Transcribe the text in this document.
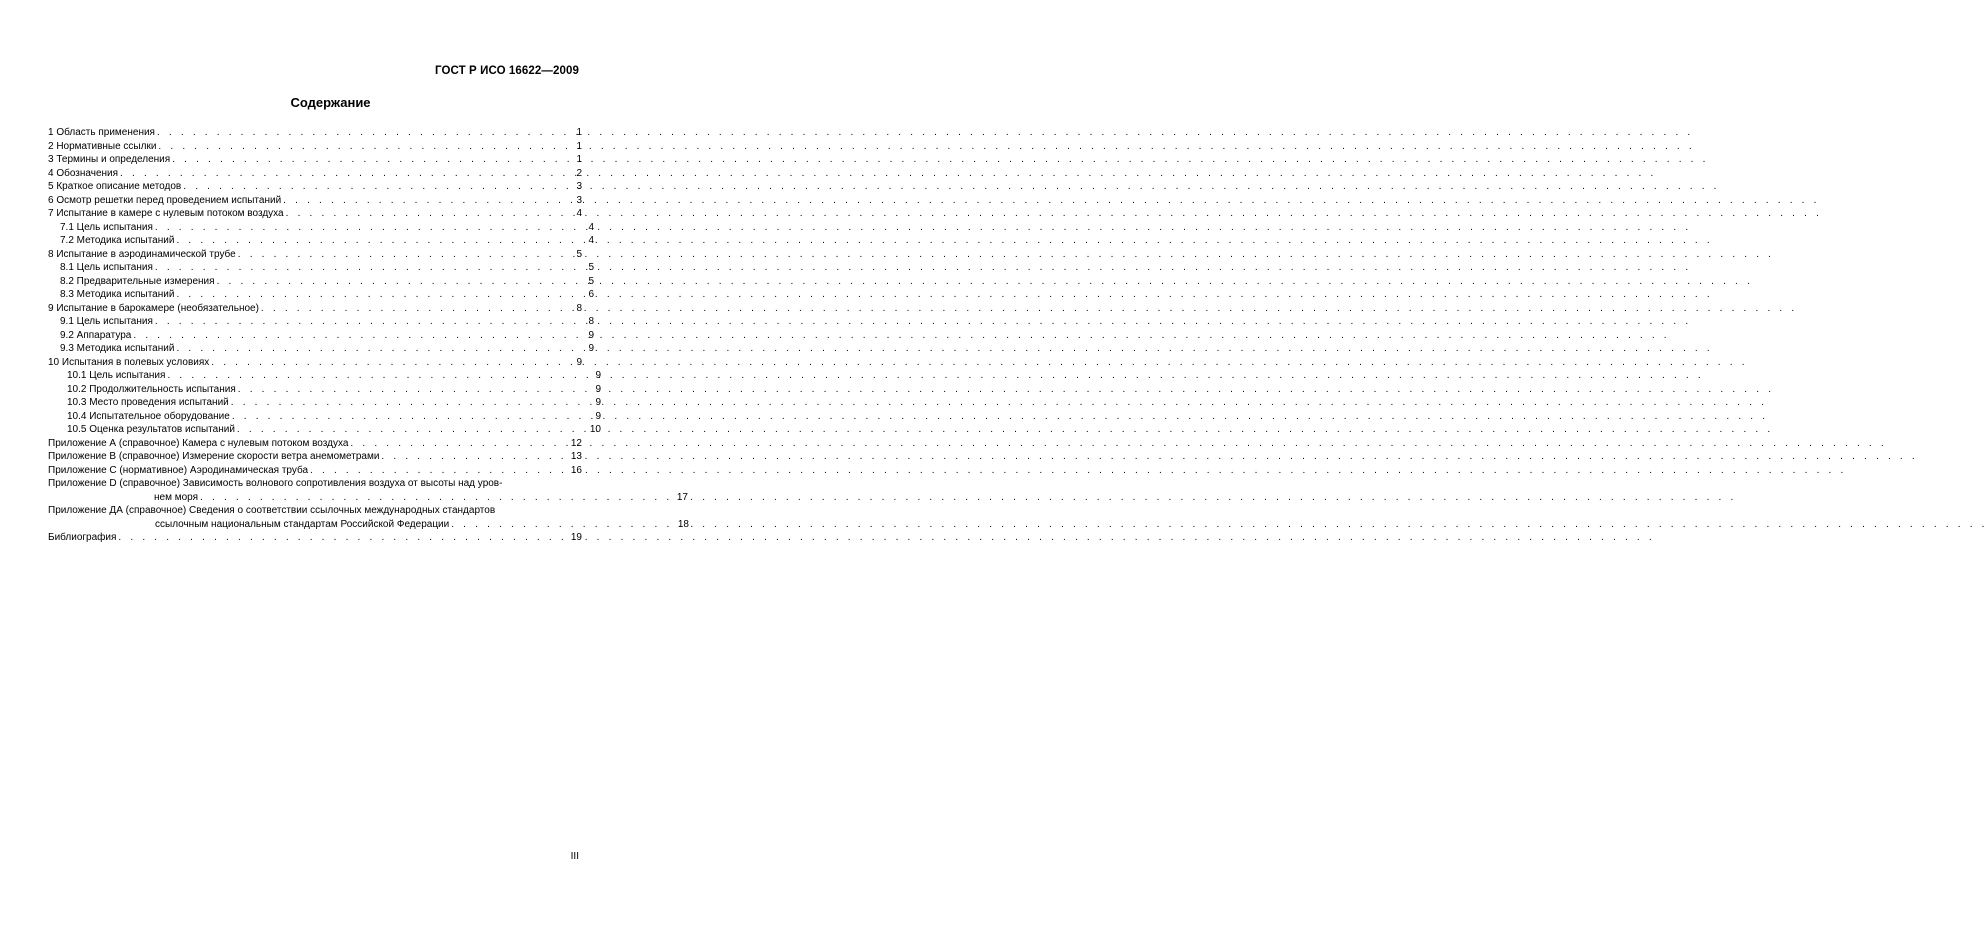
ГОСТ Р ИСО 16622—2009
Содержание
1 Область применения . . .	1
2 Нормативные ссылки . . .	1
3 Термины и определения . . .	1
4 Обозначения . . .	2
5 Краткое описание методов . . .	3
6 Осмотр решетки перед проведением испытаний . . .	3
7 Испытание в камере с нулевым потоком воздуха . . .	4
7.1 Цель испытания . . .	4
7.2 Методика испытаний . . .	4
8 Испытание в аэродинамической трубе . . .	5
8.1 Цель испытания . . .	5
8.2 Предварительные измерения . . .	5
8.3 Методика испытаний . . .	6
9 Испытание в барокамере (необязательное) . . .	8
9.1 Цель испытания . . .	8
9.2 Аппаратура . . .	9
9.3 Методика испытаний . . .	9
10 Испытания в полевых условиях . . .	9
10.1 Цель испытания . . .	9
10.2 Продолжительность испытания . . .	9
10.3 Место проведения испытаний . . .	9
10.4 Испытательное оборудование . . .	9
10.5 Оценка результатов испытаний . . .	10
Приложение А (справочное) Камера с нулевым потоком воздуха . . .	12
Приложение В (справочное) Измерение скорости ветра анемометрами . . .	13
Приложение С (нормативное) Аэродинамическая труба . . .	16
Приложение D (справочное) Зависимость волнового сопротивления воздуха от высоты над уров-
нем моря . . .	17
Приложение ДА (справочное) Сведения о соответствии ссылочных международных стандартов
ссылочным национальным стандартам Российской Федерации . . .	18
Библиография . . .	19
III
